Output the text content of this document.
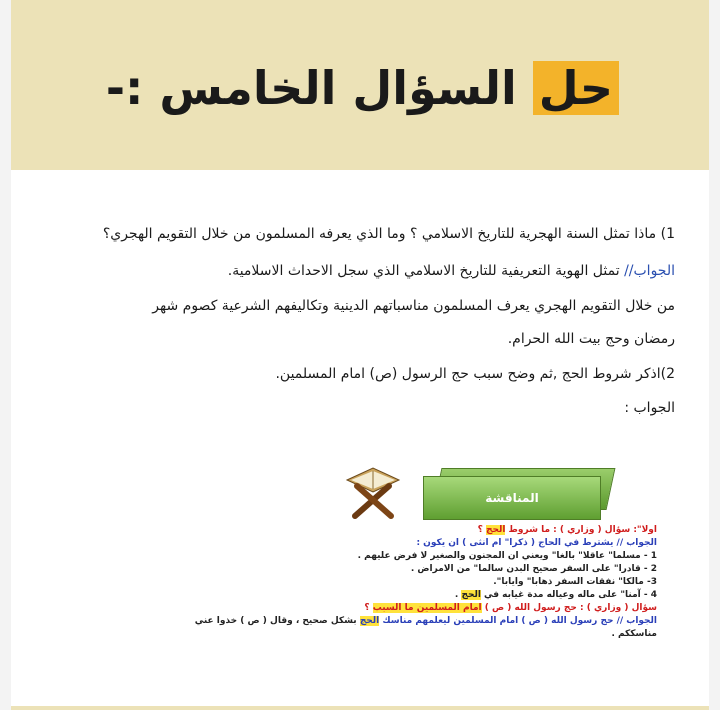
حل السؤال الخامس :-
1) ماذا تمثل السنة الهجرية للتاريخ الاسلامي ؟ وما الذي يعرفه المسلمون من خلال التقويم الهجري؟
الجواب// تمثل الهوية التعريفية للتاريخ الاسلامي الذي سجل الاحداث الاسلامية.
من خلال التقويم الهجري يعرف المسلمون مناسباتهم الدينية وتكاليفهم الشرعية كصوم شهر
رمضان وحج بيت الله الحرام.
2)اذكر شروط الحج ,ثم وضح سبب حج الرسول (ص) امام المسلمين.
الجواب :
المناقشة
اولا": سؤال ( وزاري ) : ما شروط الحج ؟
الجواب // يشترط في الحاج ( ذكرا" ام انثى ) ان يكون :
1 - مسلما" عاقلا" بالغا" ويعني ان المجنون والصغير لا فرض عليهم .
2 - قادرا" على السفر صحيح البدن سالما" من الامراض .
3- مالكا" نفقات السفر ذهابا" وايابا".
4 - آمنا" على ماله وعياله مدة غيابه في الحج .
سؤال ( وزاري ) : حج رسول الله ( ص ) امام المسلمين ما السبب ؟
الجواب // حج رسول الله ( ص ) امام المسلمين ليعلمهم مناسك الحج بشكل صحيح ، وقال ( ص ) خذوا عني
مناسككم .
